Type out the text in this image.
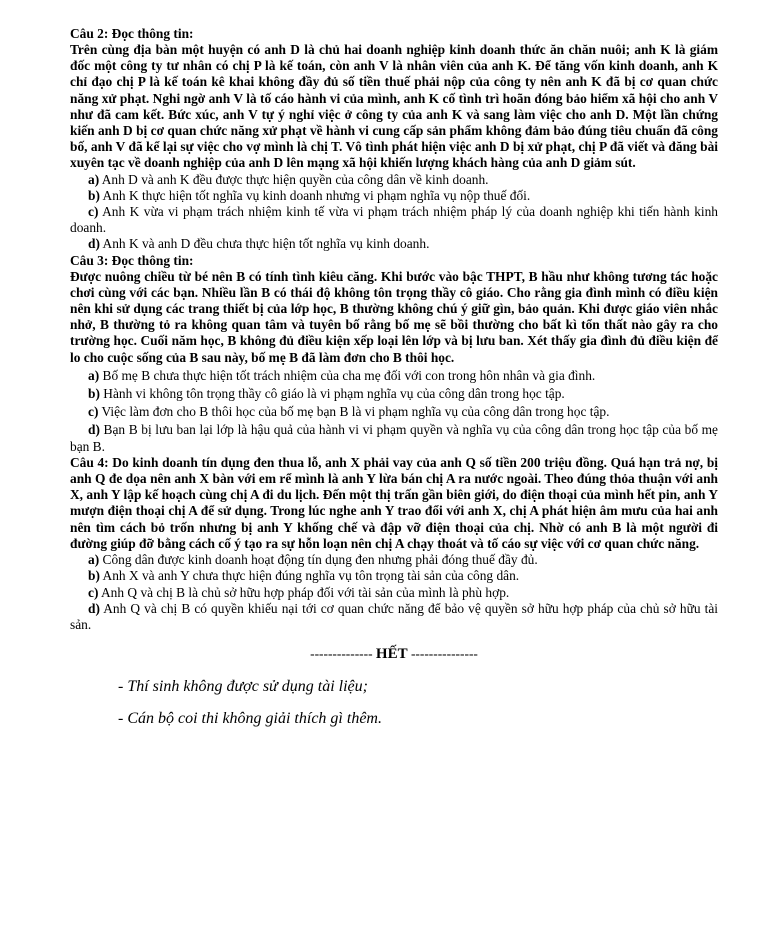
Câu 2: Đọc thông tin:

Trên cùng địa bàn một huyện có anh D là chủ hai doanh nghiệp kinh doanh thức ăn chăn nuôi; anh K là giám đốc một công ty tư nhân có chị P là kế toán, còn anh V là nhân viên của anh K. Để tăng vốn kinh doanh, anh K chỉ đạo chị P là kế toán kê khai không đầy đủ số tiền thuế phải nộp của công ty nên anh K đã bị cơ quan chức năng xử phạt. Nghi ngờ anh V là tố cáo hành vi của mình, anh K cố tình trì hoãn đóng bảo hiểm xã hội cho anh V như đã cam kết. Bức xúc, anh V tự ý nghỉ việc ở công ty của anh K và sang làm việc cho anh D. Một lần chứng kiến anh D bị cơ quan chức năng xử phạt về hành vi cung cấp sản phẩm không đảm bảo đúng tiêu chuẩn đã công bố, anh V đã kể lại sự việc cho vợ mình là chị T. Vô tình phát hiện việc anh D bị xử phạt, chị P đã viết và đăng bài xuyên tạc về doanh nghiệp của anh D lên mạng xã hội khiến lượng khách hàng của anh D giảm sút.

a) Anh D và anh K đều được thực hiện quyền của công dân về kinh doanh.

b) Anh K thực hiện tốt nghĩa vụ kinh doanh nhưng vi phạm nghĩa vụ nộp thuế đối.

c) Anh K vừa vi phạm trách nhiệm kinh tế vừa vi phạm trách nhiệm pháp lý của doanh nghiệp khi tiến hành kinh doanh.

d) Anh K và anh D đều chưa thực hiện tốt nghĩa vụ kinh doanh.

Câu 3: Đọc thông tin:

Được nuông chiều từ bé nên B có tính tình kiêu căng. Khi bước vào bậc THPT, B hầu như không tương tác hoặc chơi cùng với các bạn. Nhiều lần B có thái độ không tôn trọng thầy cô giáo. Cho rằng gia đình mình có điều kiện nên khi sử dụng các trang thiết bị của lớp học, B thường không chú ý giữ gìn, bảo quản. Khi được giáo viên nhắc nhở, B thường tỏ ra không quan tâm và tuyên bố rằng bố mẹ sẽ bồi thường cho bất kì tổn thất nào gây ra cho trường học. Cuối năm học, B không đủ điều kiện xếp loại lên lớp và bị lưu ban. Xét thấy gia đình đủ điều kiện để lo cho cuộc sống của B sau này, bố mẹ B đã làm đơn cho B thôi học.

a) Bố mẹ B chưa thực hiện tốt trách nhiệm của cha mẹ đối với con trong hôn nhân và gia đình.

b) Hành vi không tôn trọng thầy cô giáo là vi phạm nghĩa vụ của công dân trong học tập.

c) Việc làm đơn cho B thôi học của bố mẹ bạn B là vi phạm nghĩa vụ của công dân trong học tập.

d) Bạn B bị lưu ban lại lớp là hậu quả của hành vi vi phạm quyền và nghĩa vụ của công dân trong học tập của bố mẹ bạn B.

Câu 4: Do kinh doanh tín dụng đen thua lỗ, anh X phải vay của anh Q số tiền 200 triệu đồng. Quá hạn trả nợ, bị anh Q đe dọa nên anh X bàn với em rể mình là anh Y lừa bán chị A ra nước ngoài. Theo đúng thỏa thuận với anh X, anh Y lập kế hoạch cùng chị A đi du lịch. Đến một thị trấn gần biên giới, do điện thoại của mình hết pin, anh Y mượn điện thoại chị A để sử dụng. Trong lúc nghe anh Y trao đổi với anh X, chị A phát hiện âm mưu của hai anh nên tìm cách bỏ trốn nhưng bị anh Y khống chế và đập vỡ điện thoại của chị. Nhờ có anh B là một người đi đường giúp đỡ bằng cách cố ý tạo ra sự hỗn loạn nên chị A chạy thoát và tố cáo sự việc với cơ quan chức năng.

a) Công dân được kinh doanh hoạt động tín dụng đen nhưng phải đóng thuế đầy đủ.

b) Anh X và anh Y chưa thực hiện đúng nghĩa vụ tôn trọng tài sản của công dân.

c) Anh Q và chị B là chủ sở hữu hợp pháp đối với tài sản của mình là phù hợp.

d) Anh Q và chị B có quyền khiếu nại tới cơ quan chức năng để bảo vệ quyền sở hữu hợp pháp của chủ sở hữu tài sản.

-------------- HẾT ---------------

- Thí sinh không được sử dụng tài liệu;

- Cán bộ coi thi không giải thích gì thêm.
